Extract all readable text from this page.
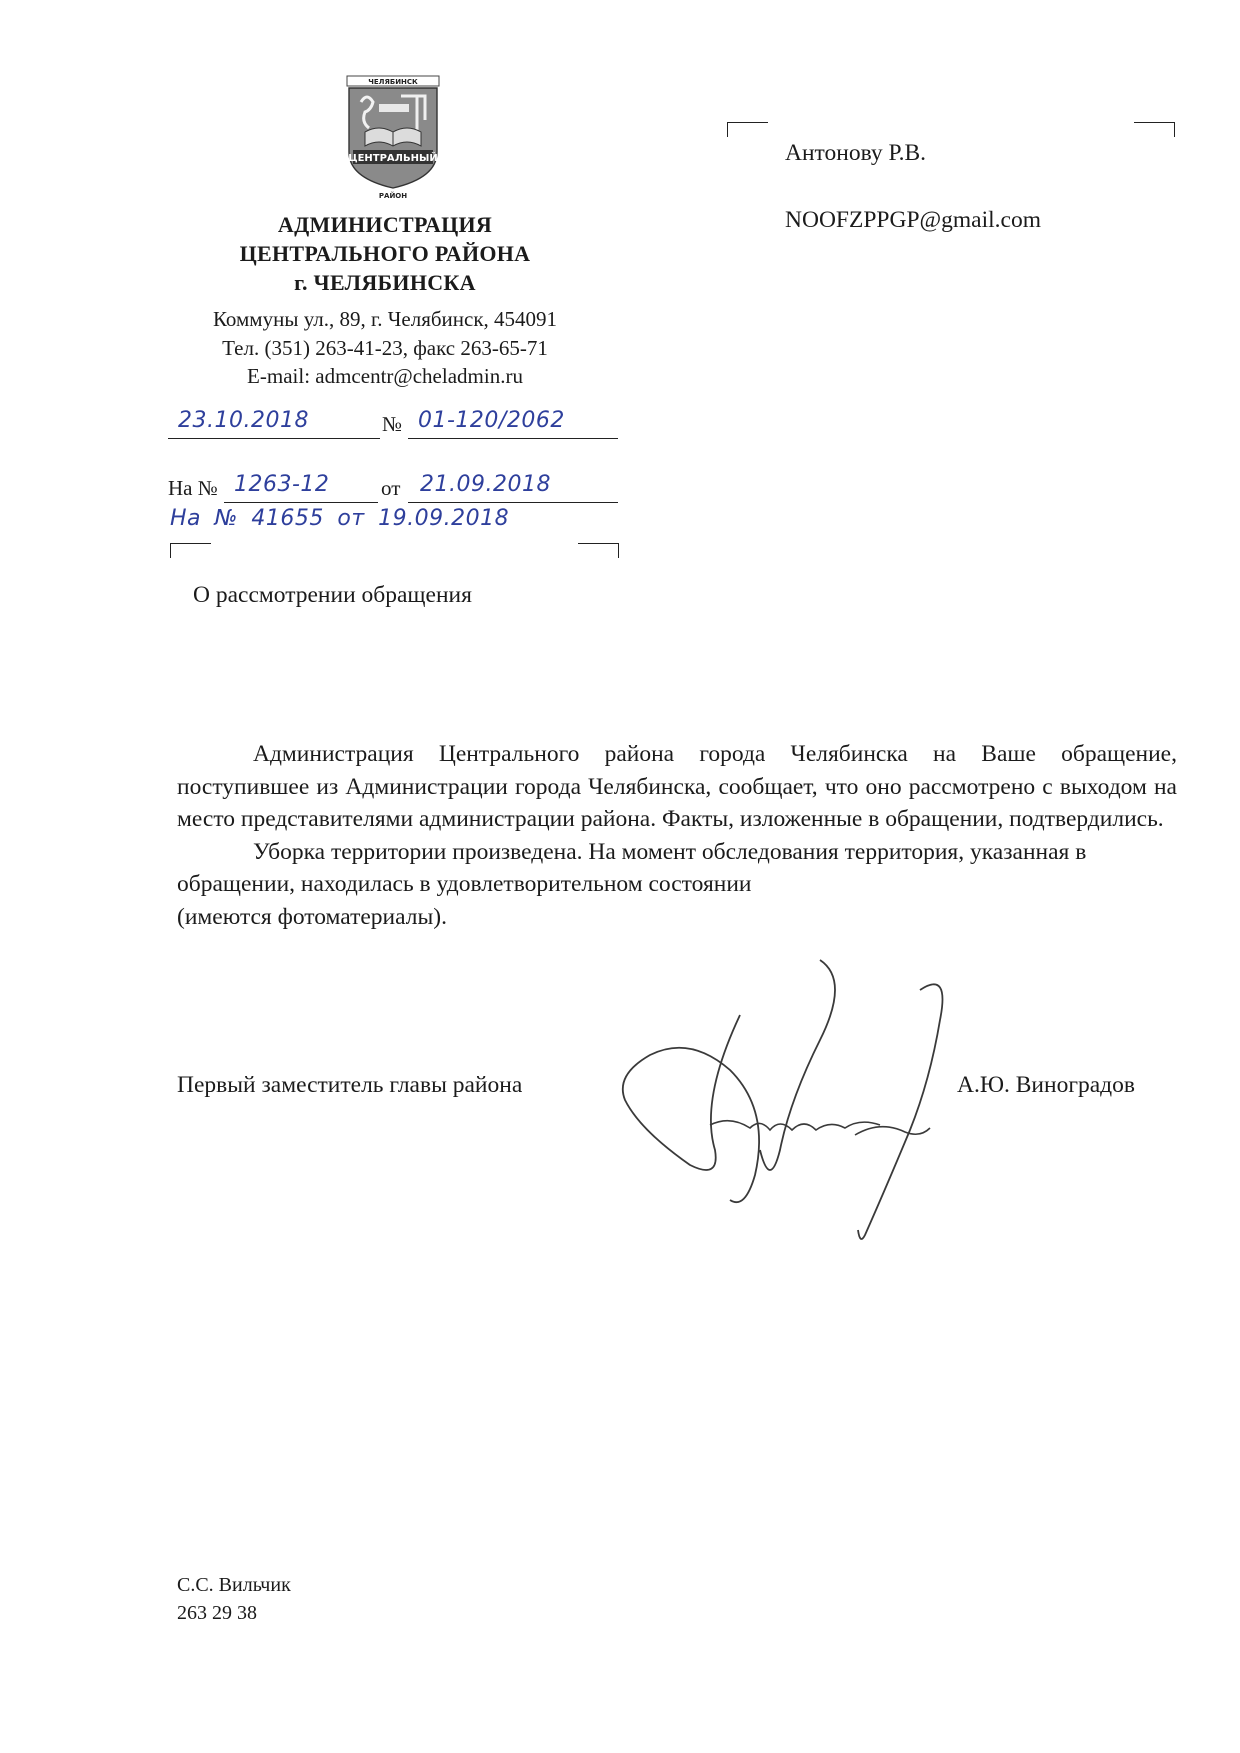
ЧЕЛЯБИНСК
ЦЕНТРАЛЬНЫЙ
РАЙОН
АДМИНИСТРАЦИЯ
ЦЕНТРАЛЬНОГО РАЙОНА
г. ЧЕЛЯБИНСКА
Коммуны ул., 89, г. Челябинск, 454091
Тел. (351) 263-41-23, факс 263-65-71
E-mail: admcentr@cheladmin.ru
23.10.2018	№ 01-120/2062
На № 1263-12 от 21.09.2018
На № 41655 от 19.09.2018
О рассмотрении обращения
Антонову Р.В.
NOOFZPPGP@gmail.com

Администрация Центрального района города Челябинска на Ваше обращение, поступившее из Администрации города Челябинска, сообщает, что оно рассмотрено с выходом на место представителями администрации района. Факты, изложенные в обращении, подтвердились.

Уборка территории произведена. На момент обследования территория, указанная в обращении, находилась в удовлетворительном состоянии

(имеются фотоматериалы).

Первый заместитель главы района	А.Ю. Виноградов
С.С. Вильчик
263 29 38
